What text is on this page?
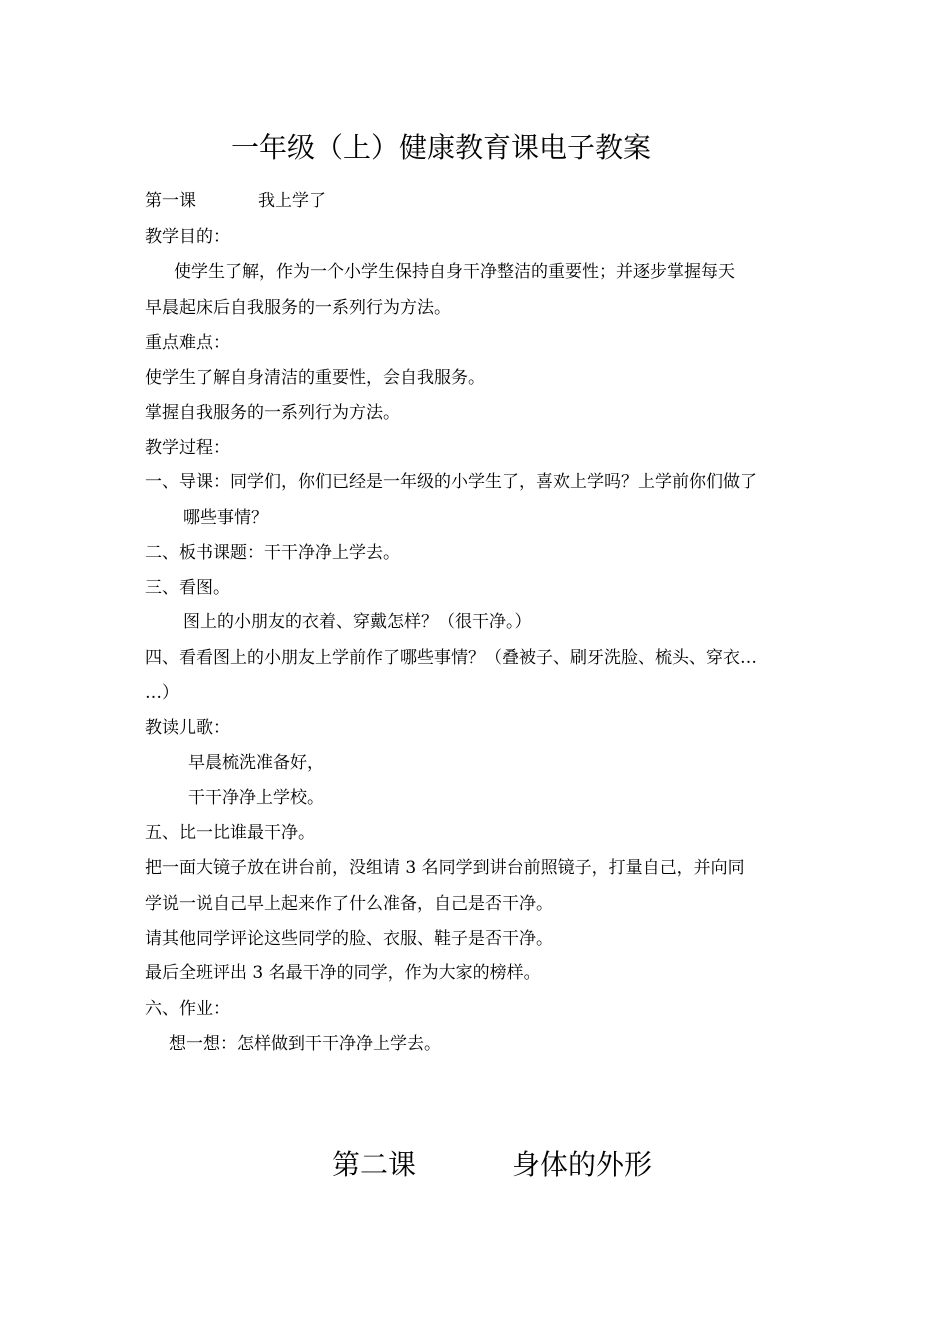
一年级（上）健康教育课电子教案
第一课	我上学了
教学目的：
使学生了解，作为一个小学生保持自身干净整洁的重要性；并逐步掌握每天
早晨起床后自我服务的一系列行为方法。
重点难点：
使学生了解自身清洁的重要性，会自我服务。
掌握自我服务的一系列行为方法。
教学过程：
一、导课：同学们，你们已经是一年级的小学生了，喜欢上学吗？上学前你们做了
哪些事情？
二、板书课题：干干净净上学去。
三、看图。
图上的小朋友的衣着、穿戴怎样？（很干净。）
四、看看图上的小朋友上学前作了哪些事情？（叠被子、刷牙洗脸、梳头、穿衣…
…）
教读儿歌：
早晨梳洗准备好，
干干净净上学校。
五、比一比谁最干净。
把一面大镜子放在讲台前，没组请 3 名同学到讲台前照镜子，打量自己，并向同
学说一说自己早上起来作了什么准备，自己是否干净。
请其他同学评论这些同学的脸、衣服、鞋子是否干净。
最后全班评出 3 名最干净的同学，作为大家的榜样。
六、作业：
想一想：怎样做到干干净净上学去。
第二课	身体的外形
